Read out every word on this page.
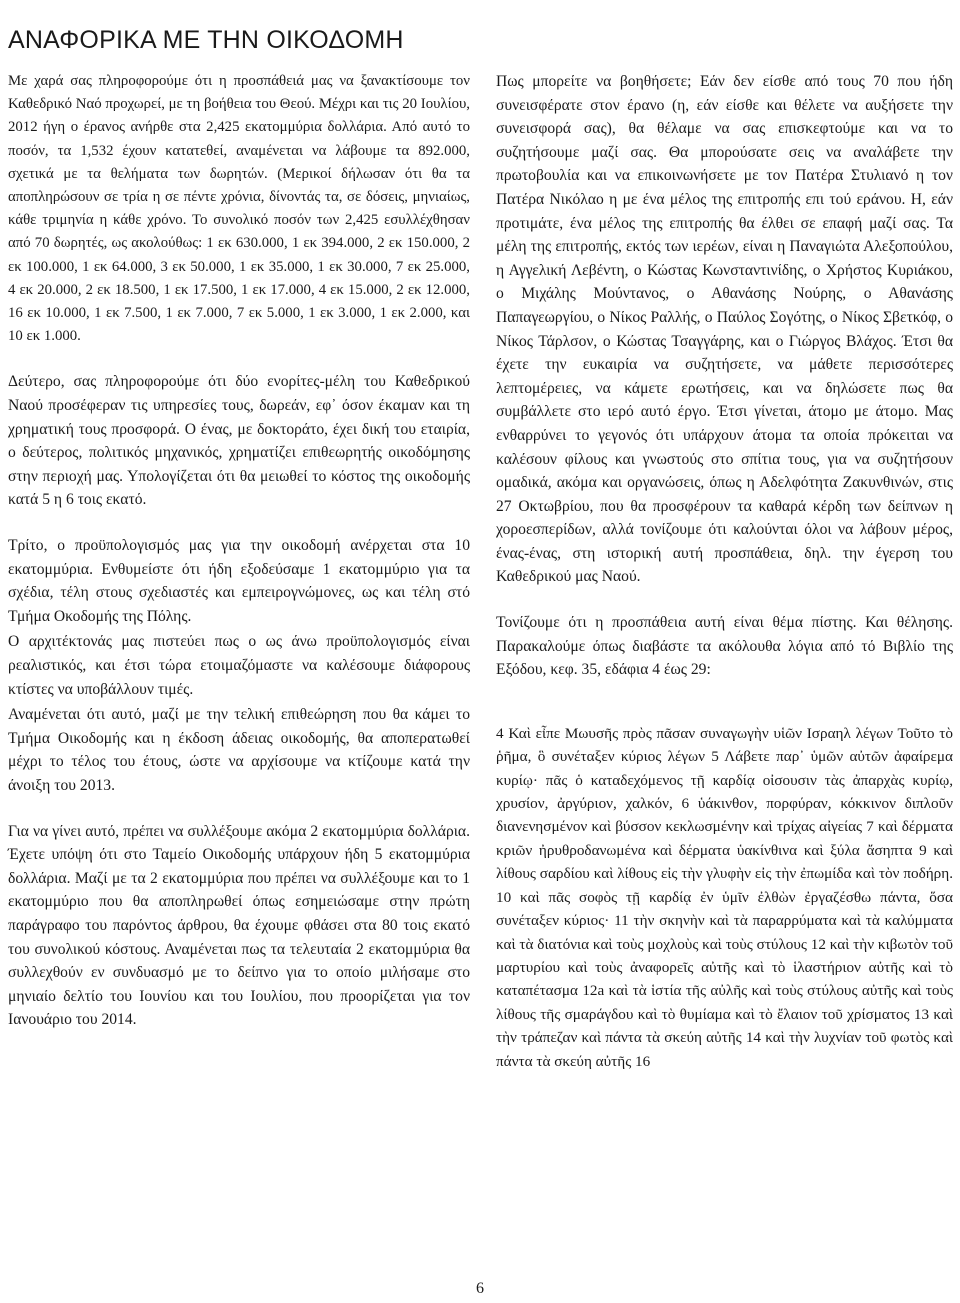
ΑΝΑΦΟΡΙΚΑ ΜΕ ΤΗΝ ΟΙΚΟΔΟΜΗ

Με χαρά σας πληροφορούμε ότι η προσπάθειά μας να ξανακτίσουμε τον Καθεδρικό Ναό προχωρεί, με τη βοήθεια του Θεού. Μέχρι και τις 20 Ιουλίου, 2012 ήγη ο έρανος ανήρθε στα 2,425 εκατομμύρια δολλάρια. Από αυτό το ποσόν, τα 1,532 έχουν κατατεθεί, αναμένεται να λάβουμε τα 892.000, σχετικά με τα θελήματα των δωρητών. (Μερικοί δήλωσαν ότι θα τα αποπληρώσουν σε τρία η σε πέντε χρόνια, δίνοντάς τα, σε δόσεις, μηνιαίως, κάθε τριμηνία η κάθε χρόνο. Το συνολικό ποσόν των 2,425 εσυλλέχθησαν από 70 δωρητές, ως ακολούθως: 1 εκ 630.000, 1 εκ 394.000, 2 εκ 150.000, 2 εκ 100.000, 1 εκ 64.000, 3 εκ 50.000, 1 εκ 35.000, 1 εκ 30.000, 7 εκ 25.000, 4 εκ 20.000, 2 εκ 18.500, 1 εκ 17.500, 1 εκ 17.000, 4 εκ 15.000, 2 εκ 12.000, 16 εκ 10.000, 1 εκ 7.500, 1 εκ 7.000, 7 εκ 5.000, 1 εκ 3.000, 1 εκ 2.000, και 10 εκ 1.000.

Δεύτερο, σας πληροφορούμε ότι δύο ενορίτες-μέλη του Καθεδρικού Ναού προσέφεραν τις υπηρεσίες τους, δωρεάν, εφ᾽ όσον έκαμαν και τη χρηματική τους προσφορά. Ο ένας, με δοκτοράτο, έχει δική του εταιρία, ο δεύτερος, πολιτικός μηχανικός, χρηματίζει επιθεωρητής οικοδόμησης στην περιοχή μας. Υπολογίζεται ότι θα μειωθεί το κόστος της οικοδομής κατά 5 η 6 τοις εκατό.

Τρίτο, ο προϋπολογισμός μας για την οικοδομή ανέρχεται στα 10 εκατομμύρια. Ενθυμείστε ότι ήδη εξοδεύσαμε 1 εκατομμύριο για τα σχέδια, τέλη στους σχεδιαστές και εμπειρογνώμονες, ως και τέλη στό Τμήμα Οκοδομής της Πόλης.

Ο αρχιτέκτονάς μας πιστεύει πως ο ως άνω προϋπολογισμός είναι ρεαλιστικός, και έτσι τώρα ετοιμαζόμαστε να καλέσουμε διάφορους κτίστες να υποβάλλουν τιμές.

Αναμένεται ότι αυτό, μαζί με την τελική επιθεώρηση που θα κάμει το Τμήμα Οικοδομής και η έκδοση άδειας οικοδομής, θα αποπερατωθεί μέχρι το τέλος του έτους, ώστε να αρχίσουμε να κτίζουμε κατά την άνοιξη του 2013.

Για να γίνει αυτό, πρέπει να συλλέξουμε ακόμα 2 εκατομμύρια δολλάρια. Έχετε υπόψη ότι στο Ταμείο Οικοδομής υπάρχουν ήδη 5 εκατομμύρια δολλάρια. Μαζί με τα 2 εκατομμύρια που πρέπει να συλλέξουμε και το 1 εκατομμύριο που θα αποπληρωθεί όπως εσημειώσαμε στην πρώτη παράγραφο του παρόντος άρθρου, θα έχουμε φθάσει στα 80 τοις εκατό του συνολικού κόστους. Αναμένεται πως τα τελευταία 2 εκατομμύρια θα συλλεχθούν εν συνδυασμό με το δείπνο για το οποίο μιλήσαμε στο μηνιαίο δελτίο του Ιουνίου και του Ιουλίου, που προορίζεται για τον Ιανουάριο του 2014.

Πως μπορείτε να βοηθήσετε; Εάν δεν είσθε από τους 70 που ήδη συνεισφέρατε στον έρανο (η, εάν είσθε και θέλετε να αυξήσετε την συνεισφορά σας), θα θέλαμε να σας επισκεφτούμε και να το συζητήσουμε μαζί σας. Θα μπορούσατε σεις να αναλάβετε την πρωτοβουλία και να επικοινωνήσετε με τον Πατέρα Στυλιανό η τον Πατέρα Νικόλαο η με ένα μέλος της επιτροπής επι τού εράνου. Η, εάν προτιμάτε, ένα μέλος της επιτροπής θα έλθει σε επαφή μαζί σας. Τα μέλη της επιτροπής, εκτός των ιερέων, είναι η Παναγιώτα Αλεξοπούλου, η Αγγελική Λεβέντη, ο Κώστας Κωνσταντινίδης, ο Χρήστος Κυριάκου, ο Μιχάλης Μούντανος, ο Αθανάσης Νούρης, ο Αθανάσης Παπαγεωργίου, ο Νίκος Ραλλής, ο Παύλος Σογότης, ο Νίκος Σβετκόφ, ο Νίκος Τάρλσον, ο Κώστας Τσαγγάρης, και ο Γιώργος Βλάχος. Έτσι θα έχετε την ευκαιρία να συζητήσετε, να μάθετε περισσότερες λεπτομέρειες, να κάμετε ερωτήσεις, και να δηλώσετε πως θα συμβάλλετε στο ιερό αυτό έργο. Έτσι γίνεται, άτομο με άτομο. Μας ενθαρρύνει το γεγονός ότι υπάρχουν άτομα τα οποία πρόκειται να καλέσουν φίλους και γνωστούς στο σπίτια τους, για να συζητήσουν ομαδικά, ακόμα και οργανώσεις, όπως η Αδελφότητα Ζακυνθινών, στις 27 Οκτωβρίου, που θα προσφέρουν τα καθαρά κέρδη των δείπνων η χοροεσπερίδων, αλλά τονίζουμε ότι καλούνται όλοι να λάβουν μέρος, ένας-ένας, στη ιστορική αυτή προσπάθεια, δηλ. την έγερση του Καθεδρικού μας Ναού.

Τονίζουμε ότι η προσπάθεια αυτή είναι θέμα πίστης. Και θέλησης. Παρακαλούμε όπως διαβάστε τα ακόλουθα λόγια από τό Βιβλίο της Εξόδου, κεφ. 35, εδάφια 4 έως 29:

4 Καὶ εἶπε Μωυσῆς πρὸς πᾶσαν συναγωγὴν υἱῶν Ισραηλ λέγων Τοῦτο τὸ ῥῆμα, ὃ συνέταξεν κύριος λέγων 5 Λάβετε παρ᾿ ὑμῶν αὐτῶν ἀφαίρεμα κυρίῳ· πᾶς ὁ καταδεχόμενος τῇ καρδίᾳ οἰσουσιν τὰς ἀπαρχὰς κυρίῳ, χρυσίον, ἀργύριον, χαλκόν, 6 ὑάκινθον, πορφύραν, κόκκινον διπλοῦν διανενησμένον καὶ βύσσον κεκλωσμένην καὶ τρίχας αἰγείας 7 καὶ δέρματα κριῶν ἠρυθροδανωμένα καὶ δέρματα ὑακίνθινα καὶ ξύλα ἄσηπτα 9 καὶ λίθους σαρδίου καὶ λίθους εἰς τὴν γλυφὴν εἰς τὴν ἐπωμίδα καὶ τὸν ποδήρη. 10 καὶ πᾶς σοφὸς τῇ καρδίᾳ ἐν ὑμῖν ἐλθὼν ἐργαζέσθω πάντα, ὅσα συνέταξεν κύριος· 11 τὴν σκηνὴν καὶ τὰ παραρρύματα καὶ τὰ καλύμματα καὶ τὰ διατόνια καὶ τοὺς μοχλοὺς καὶ τοὺς στύλους 12 καὶ τὴν κιβωτὸν τοῦ μαρτυρίου καὶ τοὺς ἀναφορεῖς αὐτῆς καὶ τὸ ἱλαστήριον αὐτῆς καὶ τὸ καταπέτασμα 12a καὶ τὰ ἱστία τῆς αὐλῆς καὶ τοὺς στύλους αὐτῆς καὶ τοὺς λίθους τῆς σμαράγδου καὶ τὸ θυμίαμα καὶ τὸ ἔλαιον τοῦ χρίσματος 13 καὶ τὴν τράπεζαν καὶ πάντα τὰ σκεύη αὐτῆς 14 καὶ τὴν λυχνίαν τοῦ φωτὸς καὶ πάντα τὰ σκεύη αὐτῆς 16

6
